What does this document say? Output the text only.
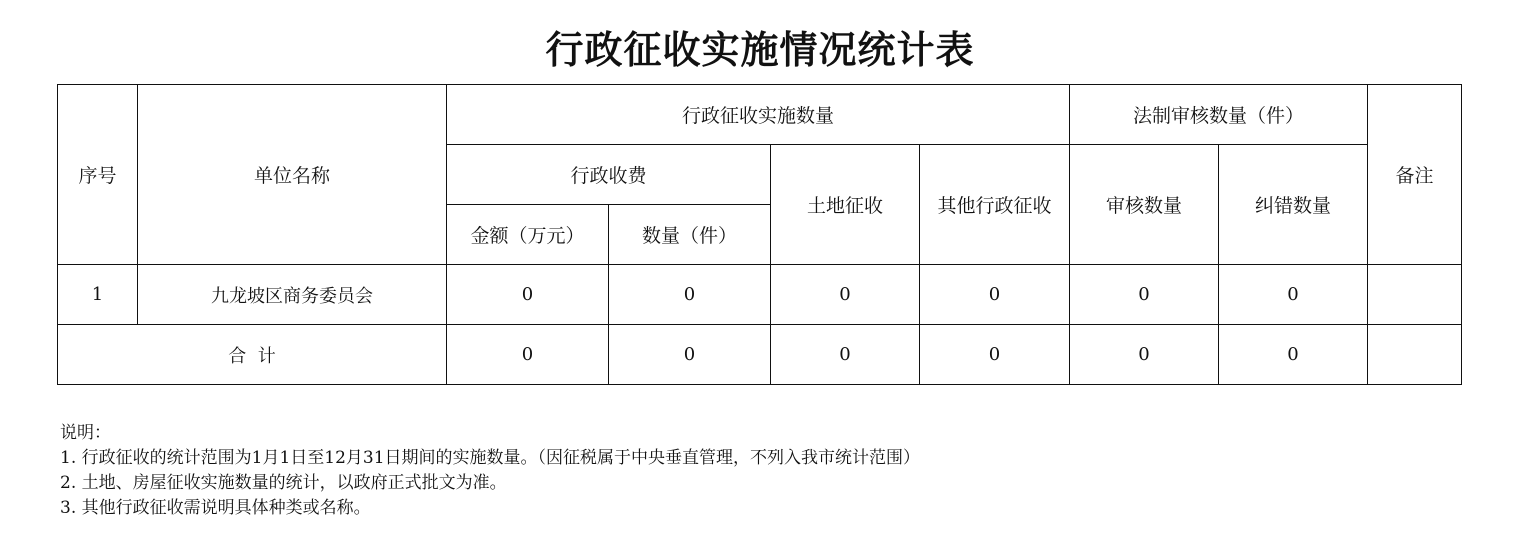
行政征收实施情况统计表
序号	单位名称	行政征收实施数量				法制审核数量（件）		备注
		行政收费		土地征收	其他行政征收	审核数量	纠错数量	
		金额（万元）	数量（件）					
1	九龙坡区商务委员会	0	0	0	0	0	0	
合  计		0	0	0	0	0	0	
说明：
1. 行政征收的统计范围为1月1日至12月31日期间的实施数量。（因征税属于中央垂直管理，不列入我市统计范围）
2. 土地、房屋征收实施数量的统计，以政府正式批文为准。
3. 其他行政征收需说明具体种类或名称。
